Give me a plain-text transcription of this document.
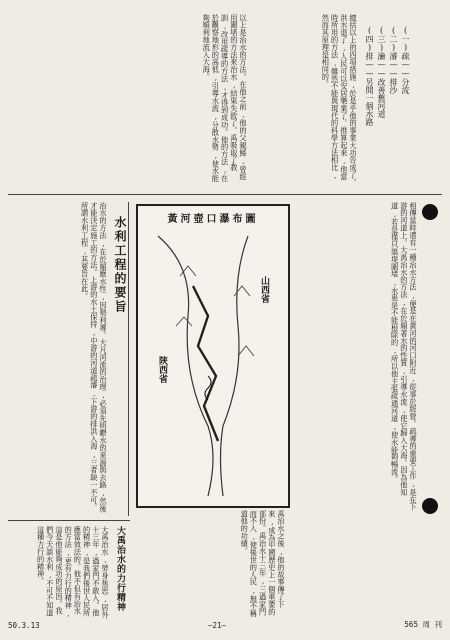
(一)疏——分流
(二)濬——排沙
(三)瀹——改善舊河道
(四)排——另開一個水路
總括以上的四項措施,於是乎他的事業大功告成了。洪水退了,人民可以安居樂業了。推算起來,他當時所用的方法,雖然不能與現代的科學方法相比,然而其原理是相同的。
以上是治水的方法。在他之前,他的父親鯀,曾經用圍堵的方法來治水,結果失敗了。禹吸取了教訓,改用疏導的方法,才得到成功。他的方法,在於觀察地形的高低,引導水流,分散水勢,使水能夠順利地流入大海。
相傳當時還有一種治水方法,便是在黃河的河口附近,從事於經營。疏導的重要工作,是在下游的河道上。大禹治水的方法,在於順著水的性質,引導水流,使它歸入大海。因為他知道,若是僅只築堤圍堵,水患是不能根除的,所以他主張疏通河道,使水能夠暢流。
黃河壺口瀑布圖
山西省
陝西省
禹治水之後,他的故事傳了下來,成為中國歷史上一個重要的部份。禹治水十三年,三過家門而不入,使後世的人民,無不稱道他的功績。
治水的方法,在於順應水性,因勢利導。大凡河流的治理,必須先明瞭水的來源與去路,然後才能決定施工的方法。上游的水土保持,中游的河道疏濬,下游的排洪入海,三者缺一不可。所謂水利工程,其要旨在此。	水利工程的要旨
大禹治水的力行精神
大禹治水,勞身焦思,居外十三年,過家門不敢入。他的精神,是我們後世人民所應當效法的。他不但有治水的方法,更有力行的精神,這是他能夠成功的原因。我們今天談水利,不可不知道這種力行的精神。
50.3.13	—21—	565 周 刊
